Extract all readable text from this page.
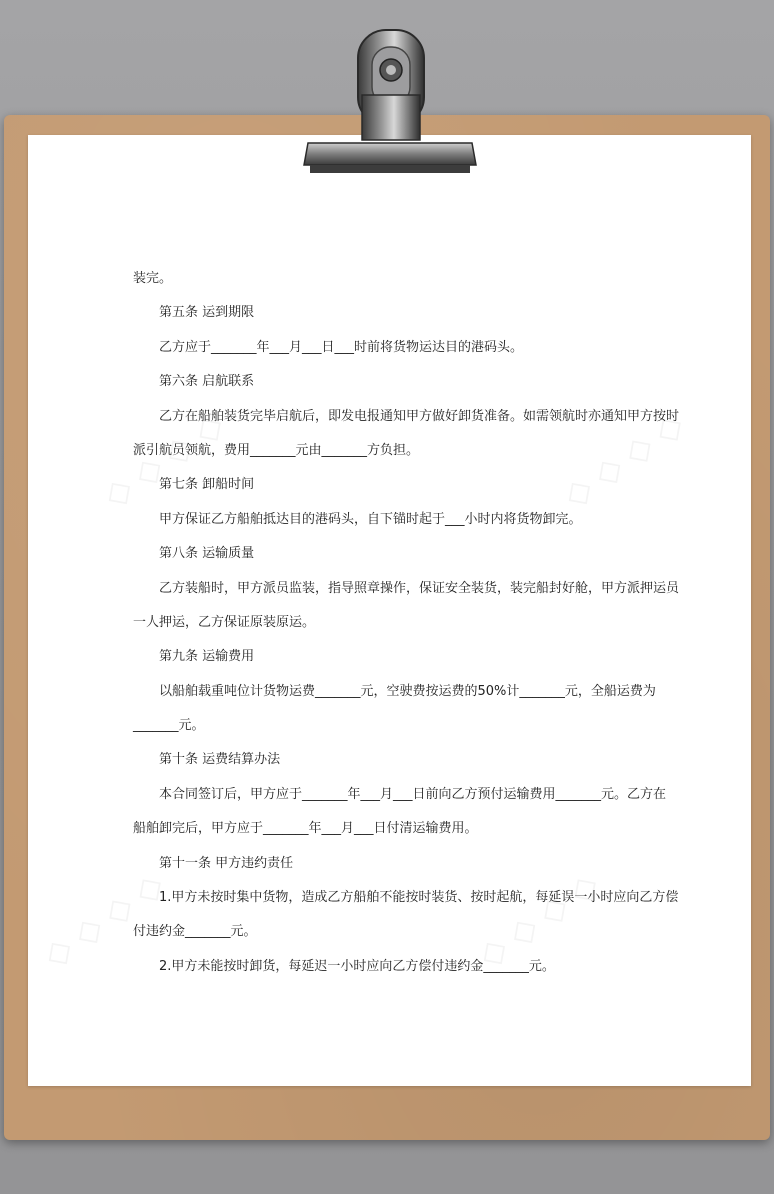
装完。

第五条 运到期限

乙方应于_______年___月___日___时前将货物运达目的港码头。

第六条 启航联系

乙方在船舶装货完毕启航后，即发电报通知甲方做好卸货准备。如需领航时亦通知甲方按时

派引航员领航，费用_______元由_______方负担。

第七条 卸船时间

甲方保证乙方船舶抵达目的港码头，自下锚时起于___小时内将货物卸完。

第八条 运输质量

乙方装船时，甲方派员监装，指导照章操作，保证安全装货，装完船封好舱，甲方派押运员

一人押运，乙方保证原装原运。

第九条 运输费用

以船舶载重吨位计货物运费_______元，空驶费按运费的50%计_______元，全船运费为

_______元。

第十条 运费结算办法

本合同签订后，甲方应于_______年___月___日前向乙方预付运输费用_______元。乙方在

船舶卸完后，甲方应于_______年___月___日付清运输费用。

第十一条 甲方违约责任

1.甲方未按时集中货物，造成乙方船舶不能按时装货、按时起航，每延误一小时应向乙方偿

付违约金_______元。

2.甲方未能按时卸货，每延迟一小时应向乙方偿付违约金_______元。
